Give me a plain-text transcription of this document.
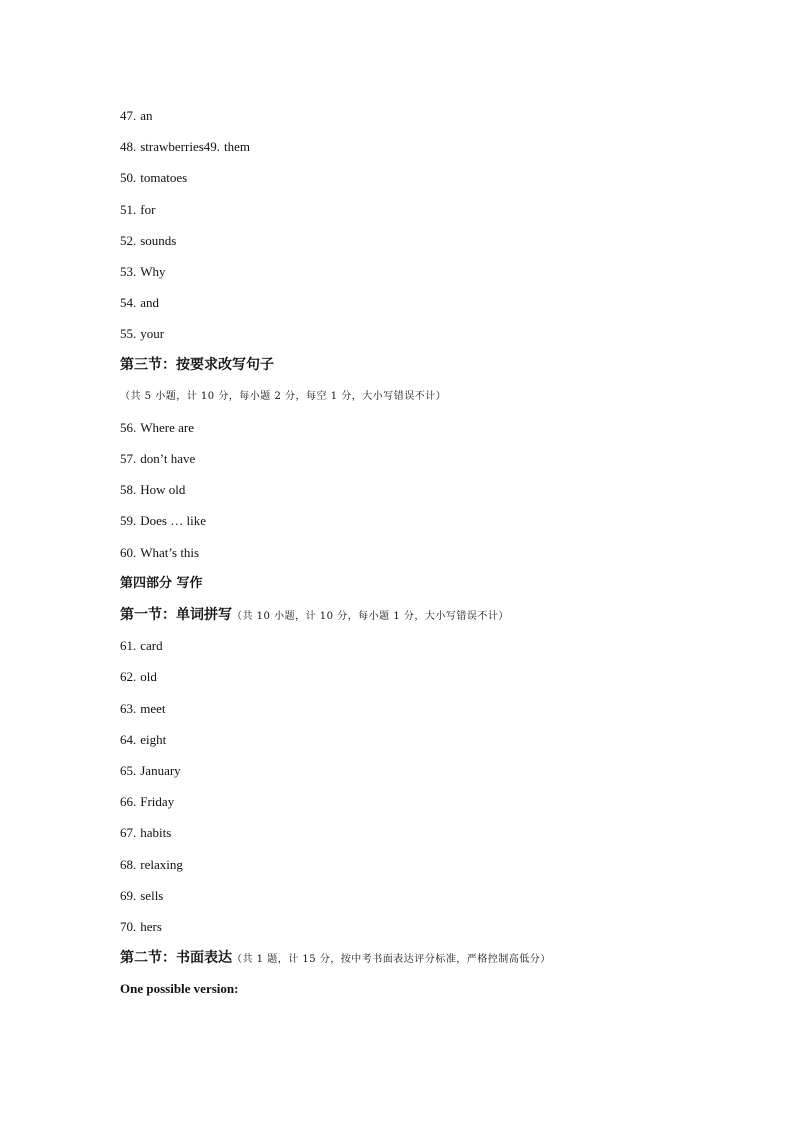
47. an
48. strawberries49. them
50. tomatoes
51. for
52. sounds
53. Why
54. and
55. your
第三节：按要求改写句子
（共 5 小题，计 10 分，每小题 2 分，每空 1 分，大小写错误不计）
56. Where are
57. don’t have
58. How old
59. Does … like
60. What’s this
第四部分 写作
第一节：单词拼写（共 10 小题，计 10 分，每小题 1 分，大小写错误不计）
61. card
62. old
63. meet
64. eight
65. January
66. Friday
67. habits
68. relaxing
69. sells
70. hers
第二节：书面表达（共 1 题，计 15 分，按中考书面表达评分标准，严格控制高低分）
One possible version:
